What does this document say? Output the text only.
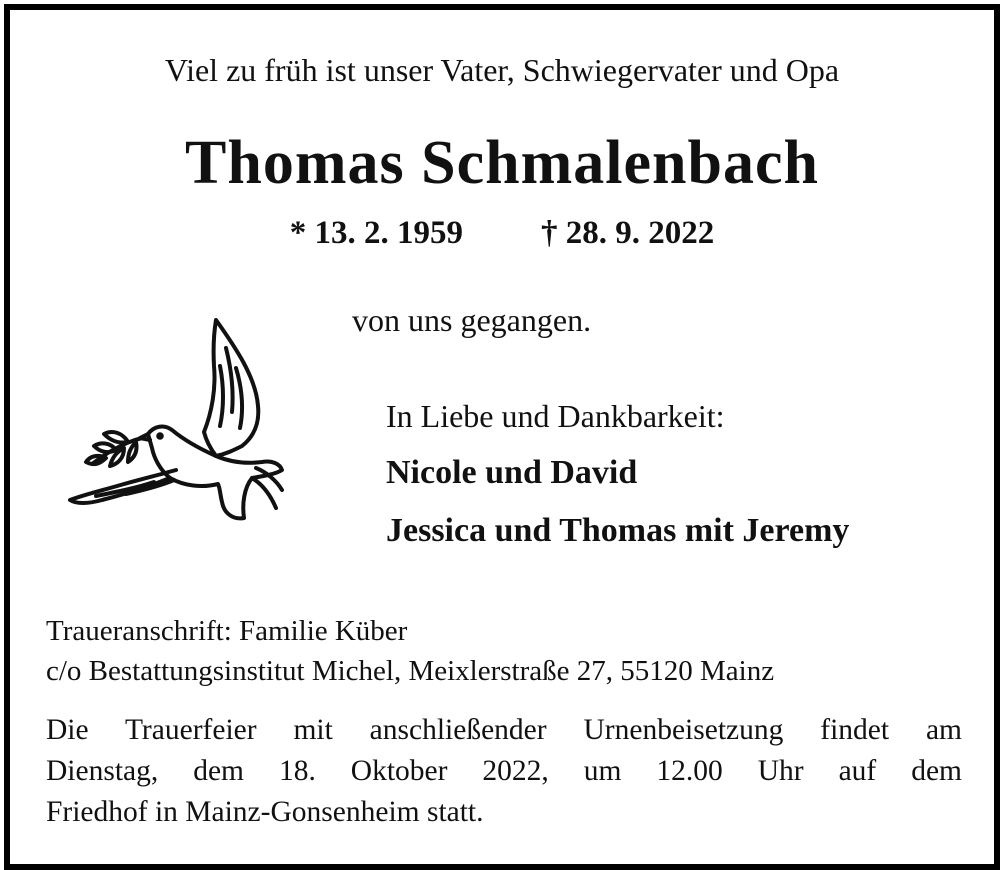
Viel zu früh ist unser Vater, Schwiegervater und Opa
Thomas Schmalenbach
* 13. 2. 1959 † 28. 9. 2022
von uns gegangen.
In Liebe und Dankbarkeit:
Nicole und David
Jessica und Thomas mit Jeremy
Traueranschrift: Familie Küber
c/o Bestattungsinstitut Michel, Meixlerstraße 27, 55120 Mainz
Die Trauerfeier mit anschließender Urnenbeisetzung findet am
Dienstag, dem 18. Oktober 2022, um 12.00 Uhr auf dem
Friedhof in Mainz-Gonsenheim statt.
